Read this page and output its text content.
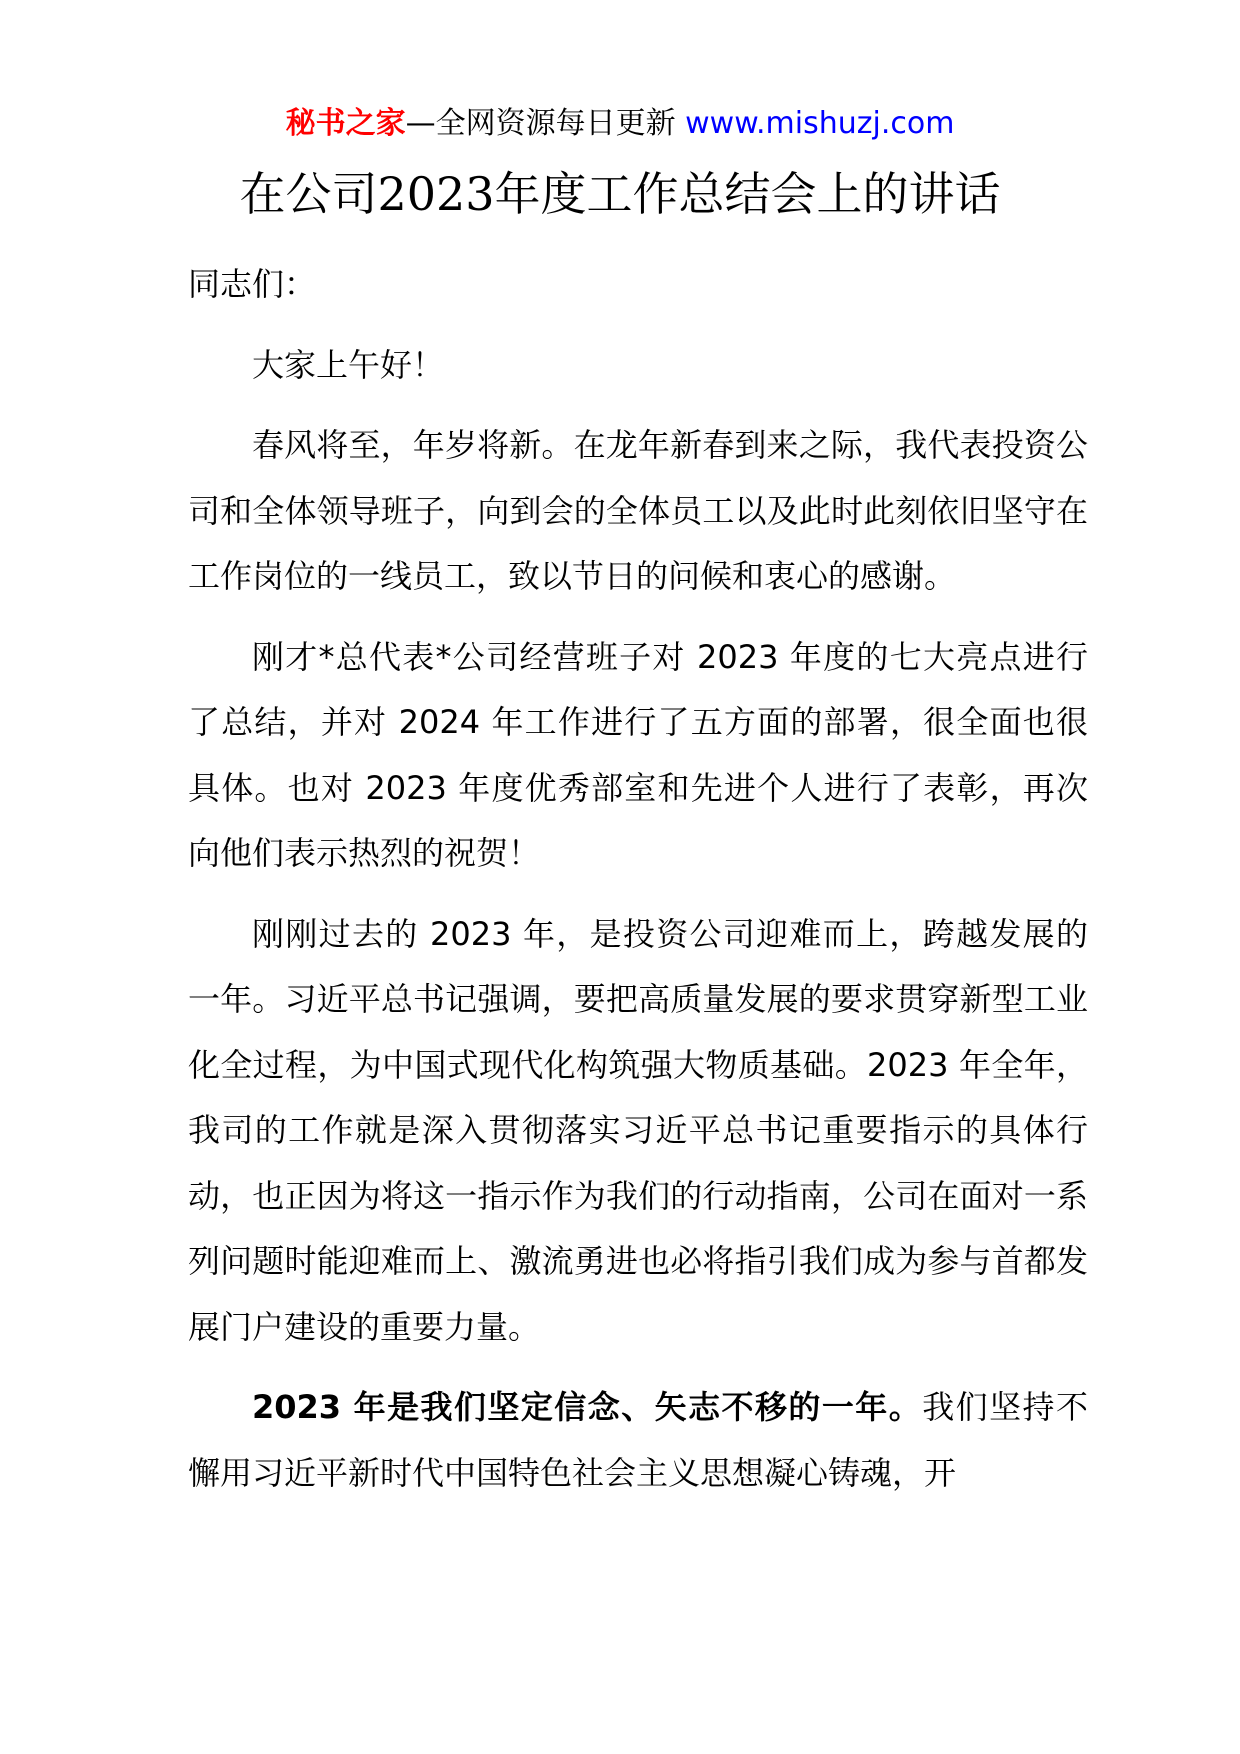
秘书之家—全网资源每日更新 www.mishuzj.com
在公司2023年度工作总结会上的讲话

同志们：

大家上午好！

春风将至，年岁将新。在龙年新春到来之际，我代表投资公司和全体领导班子，向到会的全体员工以及此时此刻依旧坚守在工作岗位的一线员工，致以节日的问候和衷心的感谢。

刚才*总代表*公司经营班子对 2023 年度的七大亮点进行了总结，并对 2024 年工作进行了五方面的部署，很全面也很具体。也对 2023 年度优秀部室和先进个人进行了表彰，再次向他们表示热烈的祝贺！

刚刚过去的 2023 年，是投资公司迎难而上，跨越发展的一年。习近平总书记强调，要把高质量发展的要求贯穿新型工业化全过程，为中国式现代化构筑强大物质基础。2023 年全年，我司的工作就是深入贯彻落实习近平总书记重要指示的具体行动，也正因为将这一指示作为我们的行动指南，公司在面对一系列问题时能迎难而上、激流勇进也必将指引我们成为参与首都发展门户建设的重要力量。

2023 年是我们坚定信念、矢志不移的一年。我们坚持不懈用习近平新时代中国特色社会主义思想凝心铸魂，开
